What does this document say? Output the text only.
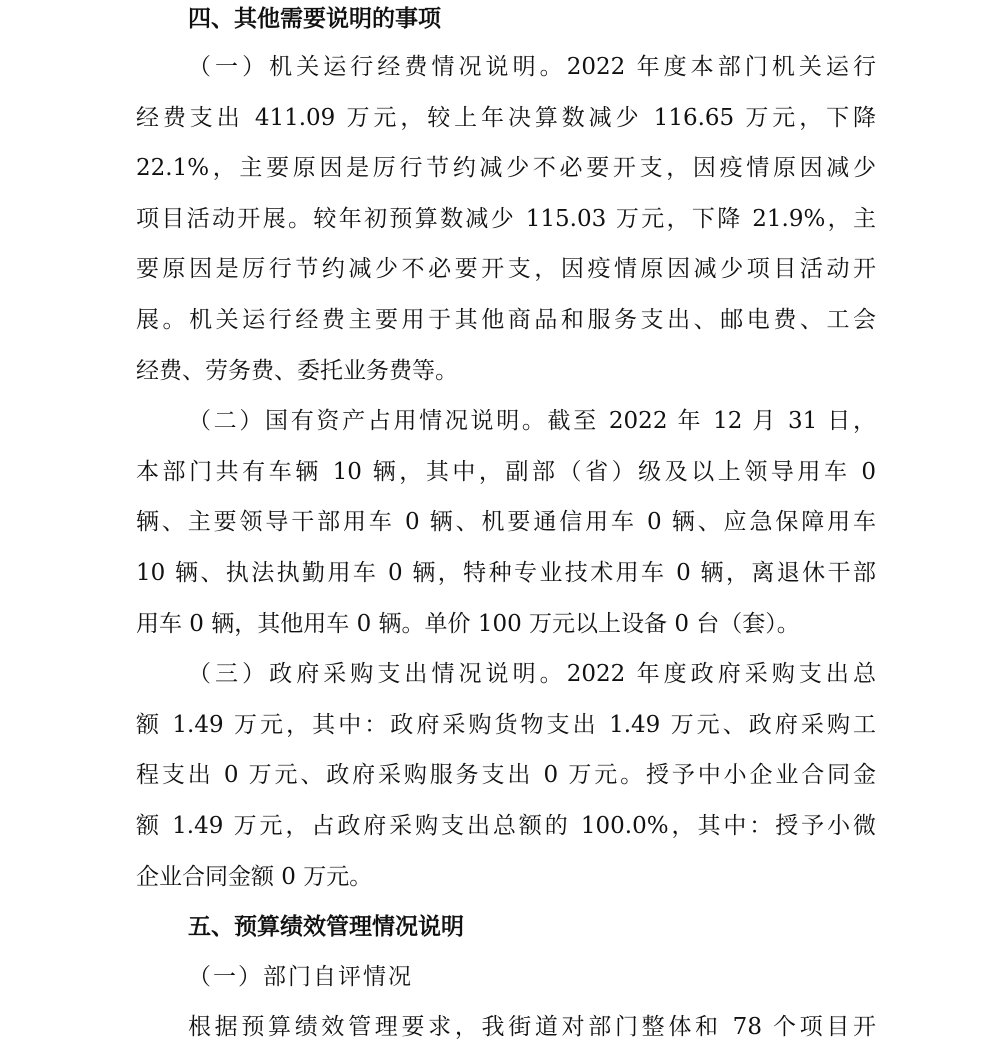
四、其他需要说明的事项
（一）机关运行经费情况说明。2022 年度本部门机关运行
经费支出 411.09 万元，较上年决算数减少 116.65 万元，下降
22.1%，主要原因是厉行节约减少不必要开支，因疫情原因减少
项目活动开展。较年初预算数减少 115.03 万元，下降 21.9%，主
要原因是厉行节约减少不必要开支，因疫情原因减少项目活动开
展。机关运行经费主要用于其他商品和服务支出、邮电费、工会
经费、劳务费、委托业务费等。
（二）国有资产占用情况说明。截至 2022 年 12 月 31 日，
本部门共有车辆 10 辆，其中，副部（省）级及以上领导用车 0
辆、主要领导干部用车 0 辆、机要通信用车 0 辆、应急保障用车
10 辆、执法执勤用车 0 辆，特种专业技术用车 0 辆，离退休干部
用车 0 辆，其他用车 0 辆。单价 100 万元以上设备 0 台（套）。
（三）政府采购支出情况说明。2022 年度政府采购支出总
额 1.49 万元，其中：政府采购货物支出 1.49 万元、政府采购工
程支出 0 万元、政府采购服务支出 0 万元。授予中小企业合同金
额 1.49 万元，占政府采购支出总额的 100.0%，其中：授予小微
企业合同金额 0 万元。
五、预算绩效管理情况说明
（一）部门自评情况
根据预算绩效管理要求，我街道对部门整体和 78 个项目开
